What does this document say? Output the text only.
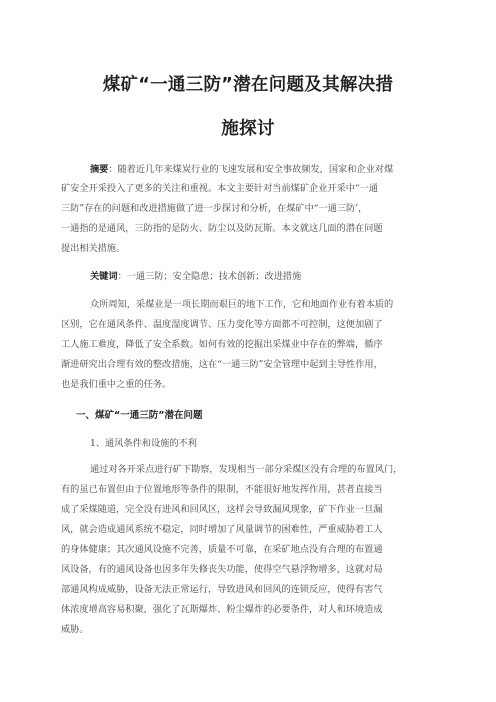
煤矿“一通三防”潜在问题及其解决措
施探讨
摘要：随着近几年来煤炭行业的飞速发展和安全事故频发，国家和企业对煤
矿安全开采投入了更多的关注和重视。本文主要针对当前煤矿企业开采中“一通
三防”存在的问题和改进措施做了进一步探讨和分析，在煤矿中“一通三防’，
一通指的是通风，三防指的是防火、防尘以及防瓦斯。本文就这几面的潜在问题
提出相关措施。
关键词：一通三防；安全隐患；技术创新；改进措施
众所周知，采煤业是一项长期而艰巨的地下工作，它和地面作业有着本质的
区别，它在通风条件、温度湿度调节、压力变化等方面都不可控制，这便加剧了
工人施工难度，降低了安全系数。如何有效的挖掘出采煤业中存在的弊端，循序
渐进研究出合理有效的整改措施，这在“一通三防”安全管理中起到主导性作用，
也是我们重中之重的任务。
一、煤矿“一通三防”潜在问题
1、通风条件和设施的不利
通过对各开采点进行矿下勘察，发现相当一部分采煤区没有合理的布置风门，
有的虽已布置但由于位置地形等条件的限制，不能很好地发挥作用，甚者直接当
成了采煤随道，完全没有进风和回风区，这样会导致漏风现象，矿下作业一旦漏
风，就会造成通风系统不稳定，同时增加了风量调节的困难性，严重威胁着工人
的身体健康；其次通风设施不完善，质量不可靠，在采矿地点没有合理的布置通
风设备，有的通风设备也因多年失修丧失功能，使得空气悬浮物增多，这就对局
部通风构成威胁，设备无法正常运行，导致进风和回风的连锁反应，使得有害气
体浓度增高容易积聚，强化了瓦斯爆炸、粉尘爆炸的必要条件，对人和环境造成
威胁。
